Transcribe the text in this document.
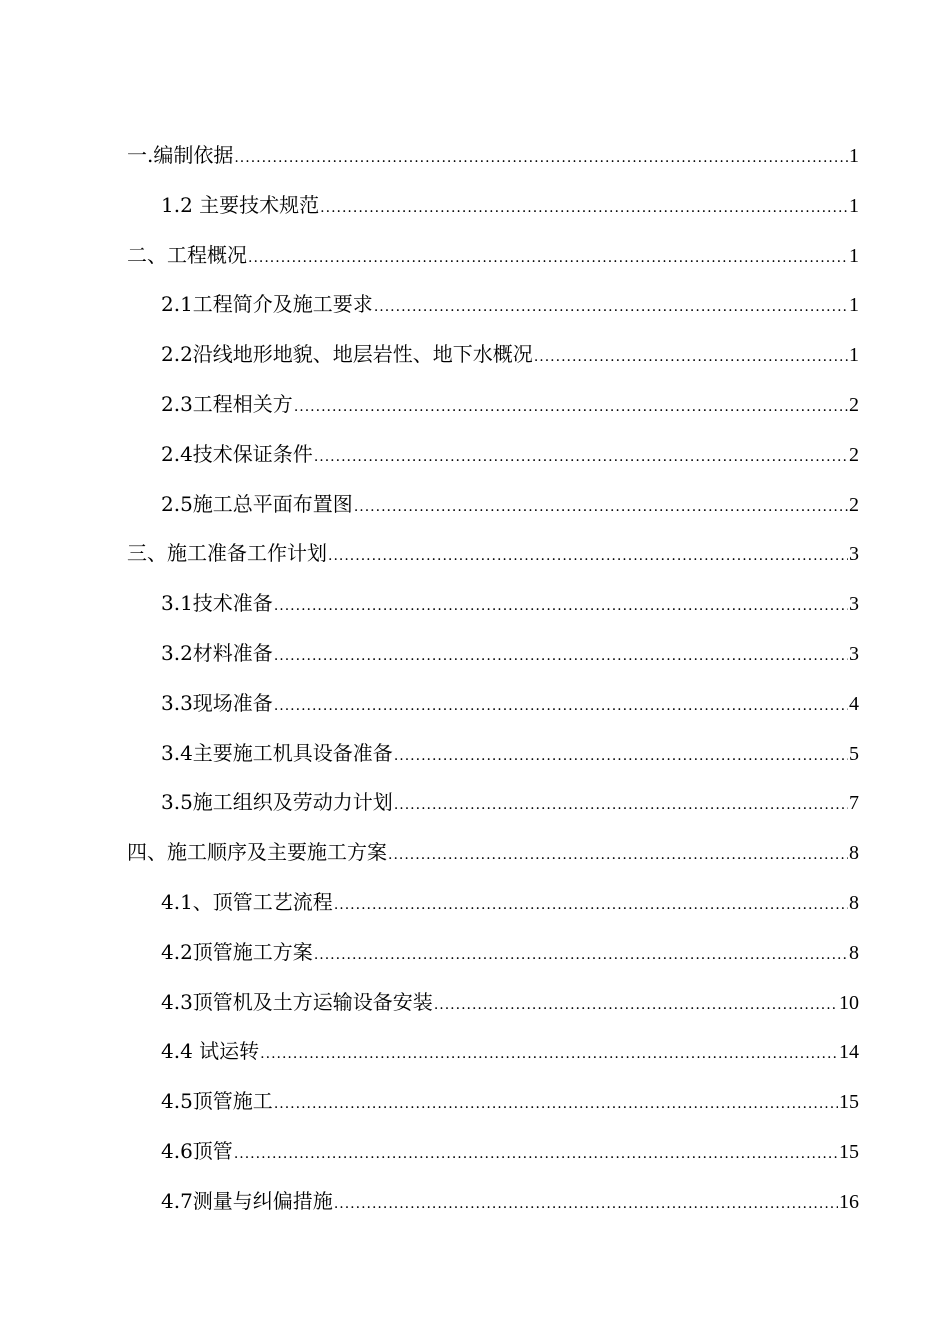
一.编制依据 .....	1
1.2 主要技术规范 .....	1
二、工程概况 .....	1
2.1工程简介及施工要求 .....	1
2.2沿线地形地貌、地层岩性、地下水概况 .....	1
2.3工程相关方 .....	2
2.4技术保证条件 .....	2
2.5施工总平面布置图 .....	2
三、施工准备工作计划 .....	3
3.1技术准备 .....	3
3.2材料准备 .....	3
3.3现场准备 .....	4
3.4主要施工机具设备准备 .....	5
3.5施工组织及劳动力计划 .....	7
四、施工顺序及主要施工方案 .....	8
4.1、顶管工艺流程 .....	8
4.2顶管施工方案 .....	8
4.3顶管机及土方运输设备安装 .....	10
4.4 试运转 .....	14
4.5顶管施工 .....	15
4.6顶管 .....	15
4.7测量与纠偏措施 .....	16
